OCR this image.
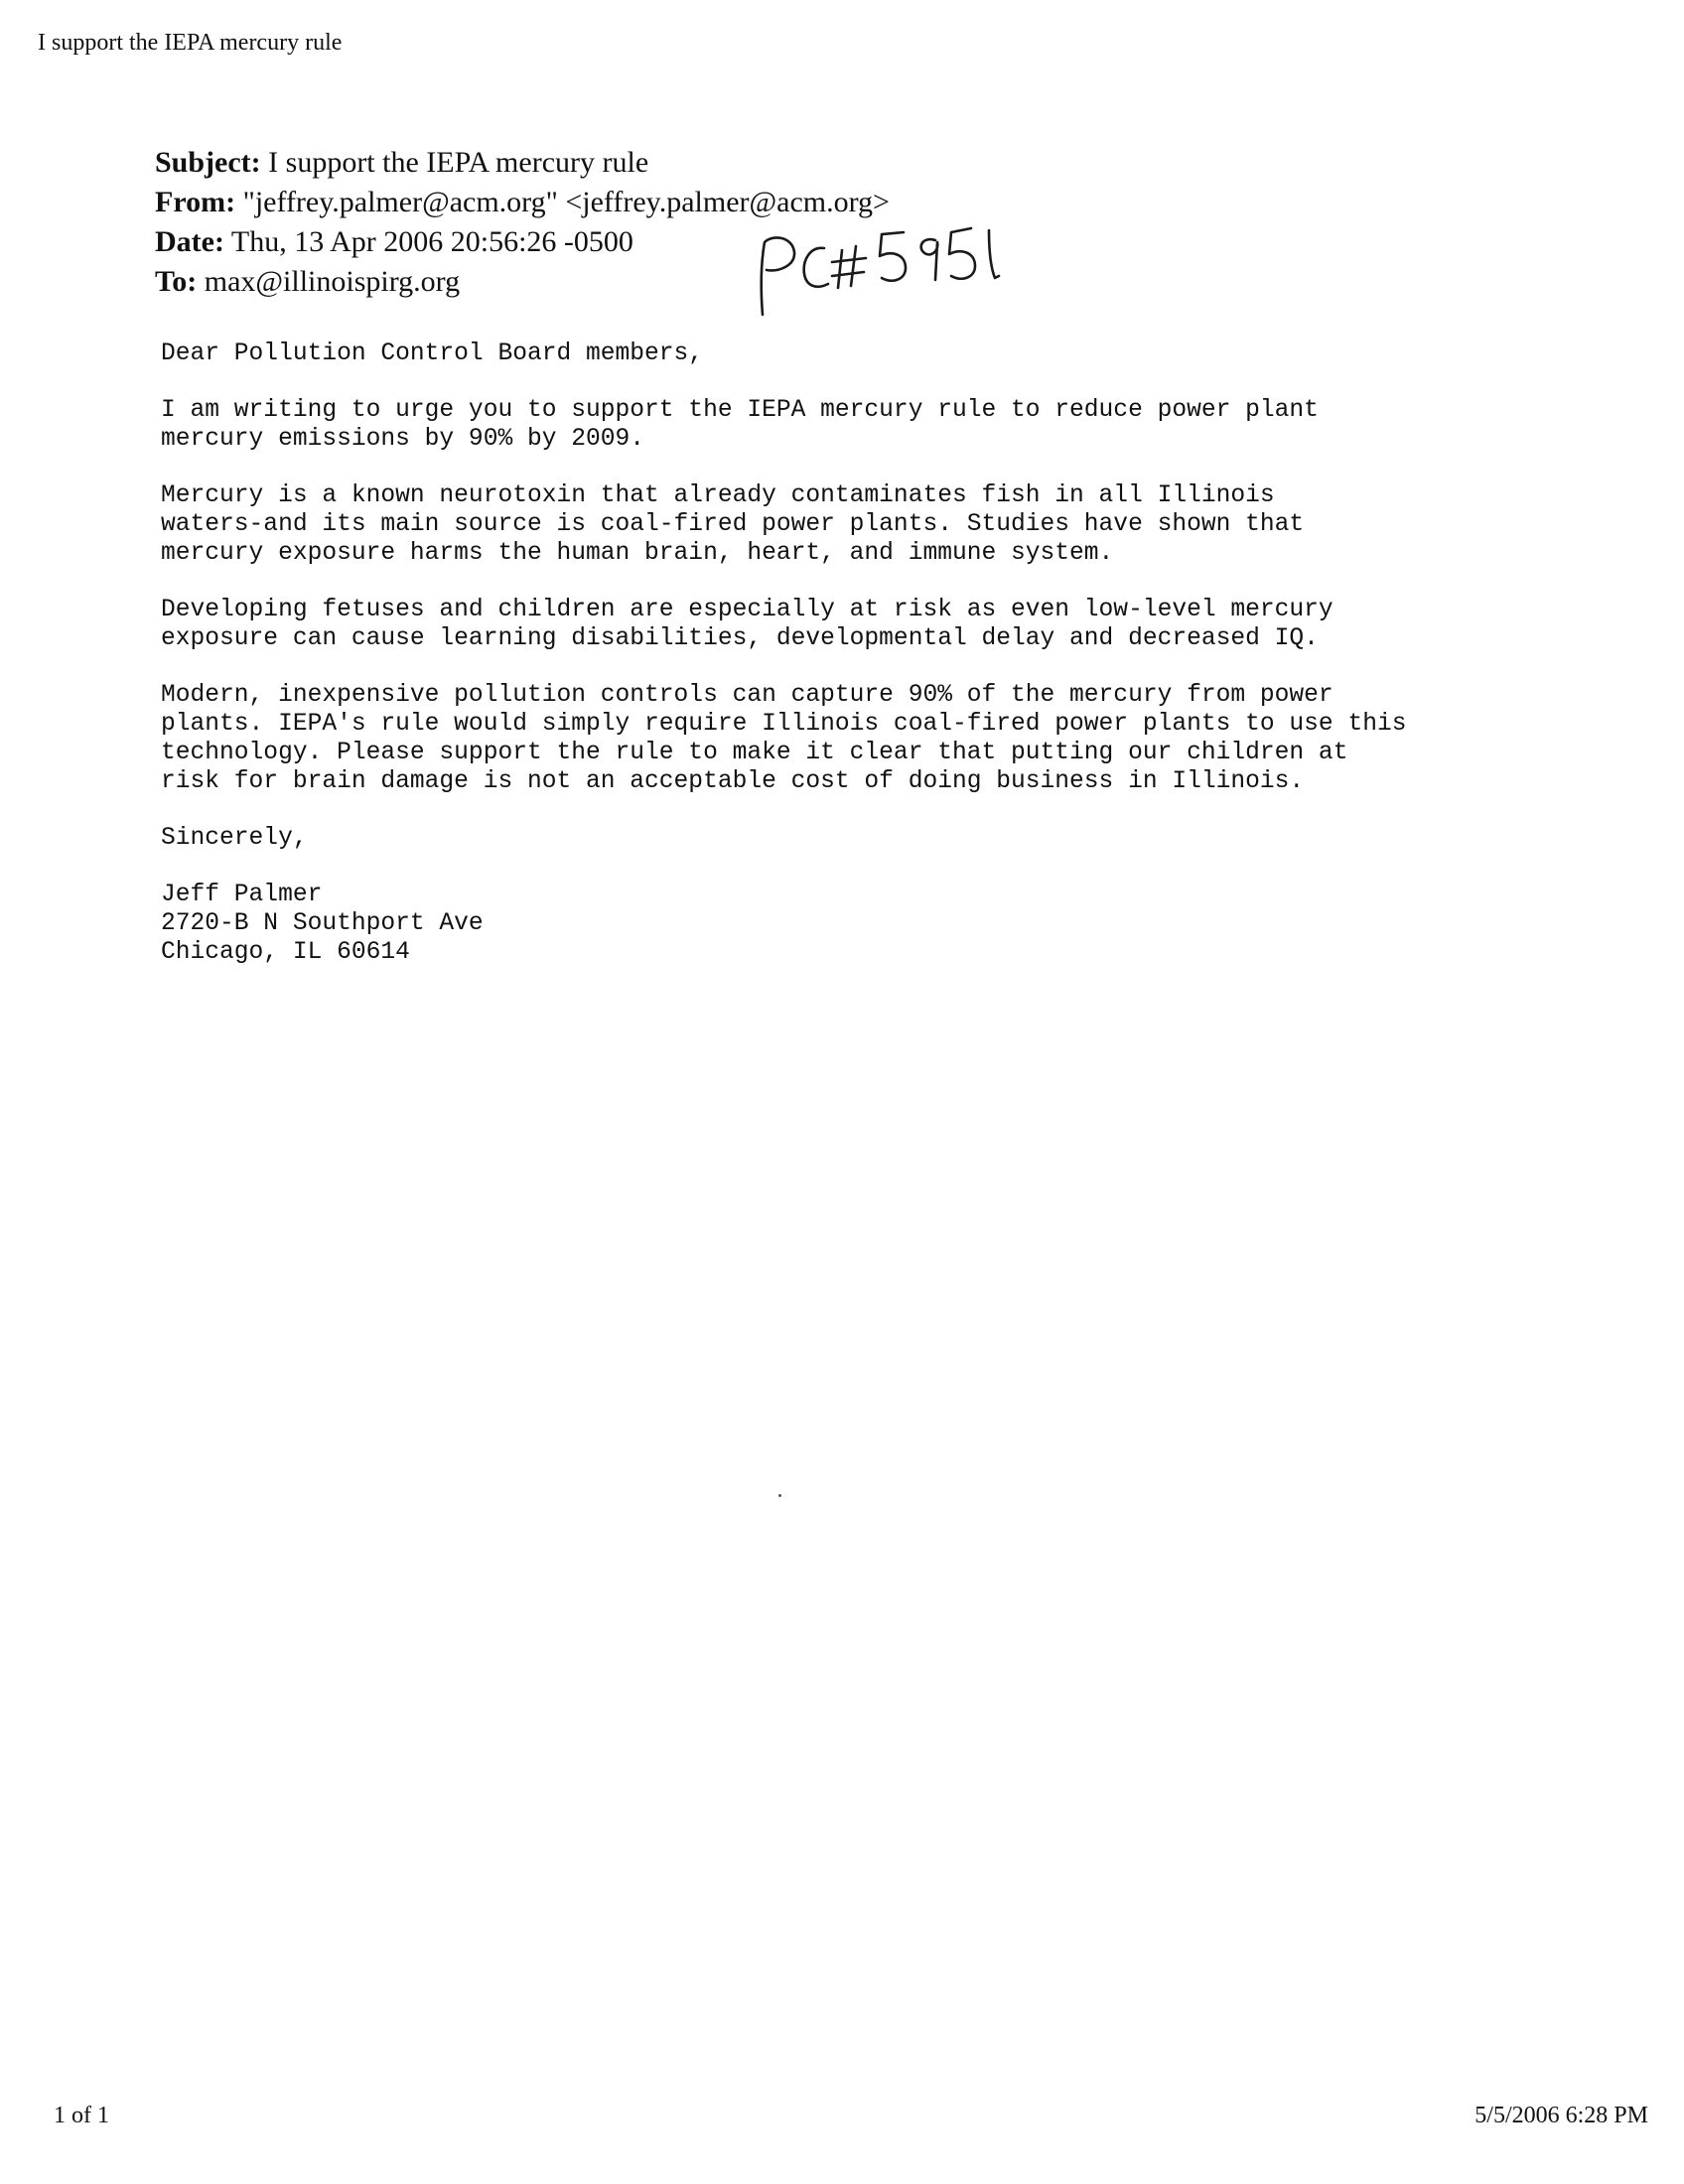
I support the IEPA mercury rule
Subject: I support the IEPA mercury rule
From: "jeffrey.palmer@acm.org" <jeffrey.palmer@acm.org>
Date: Thu, 13 Apr 2006 20:56:26 -0500
To: max@illinoispirg.org
Dear Pollution Control Board members,
I am writing to urge you to support the IEPA mercury rule to reduce power plant
mercury emissions by 90% by 2009.
Mercury is a known neurotoxin that already contaminates fish in all Illinois
waters-and its main source is coal-fired power plants. Studies have shown that
mercury exposure harms the human brain, heart, and immune system.
Developing fetuses and children are especially at risk as even low-level mercury
exposure can cause learning disabilities, developmental delay and decreased IQ.
Modern, inexpensive pollution controls can capture 90% of the mercury from power
plants. IEPA's rule would simply require Illinois coal-fired power plants to use this
technology. Please support the rule to make it clear that putting our children at
risk for brain damage is not an acceptable cost of doing business in Illinois.
Sincerely,
Jeff Palmer
2720-B N Southport Ave
Chicago, IL 60614
1 of 1	5/5/2006 6:28 PM
